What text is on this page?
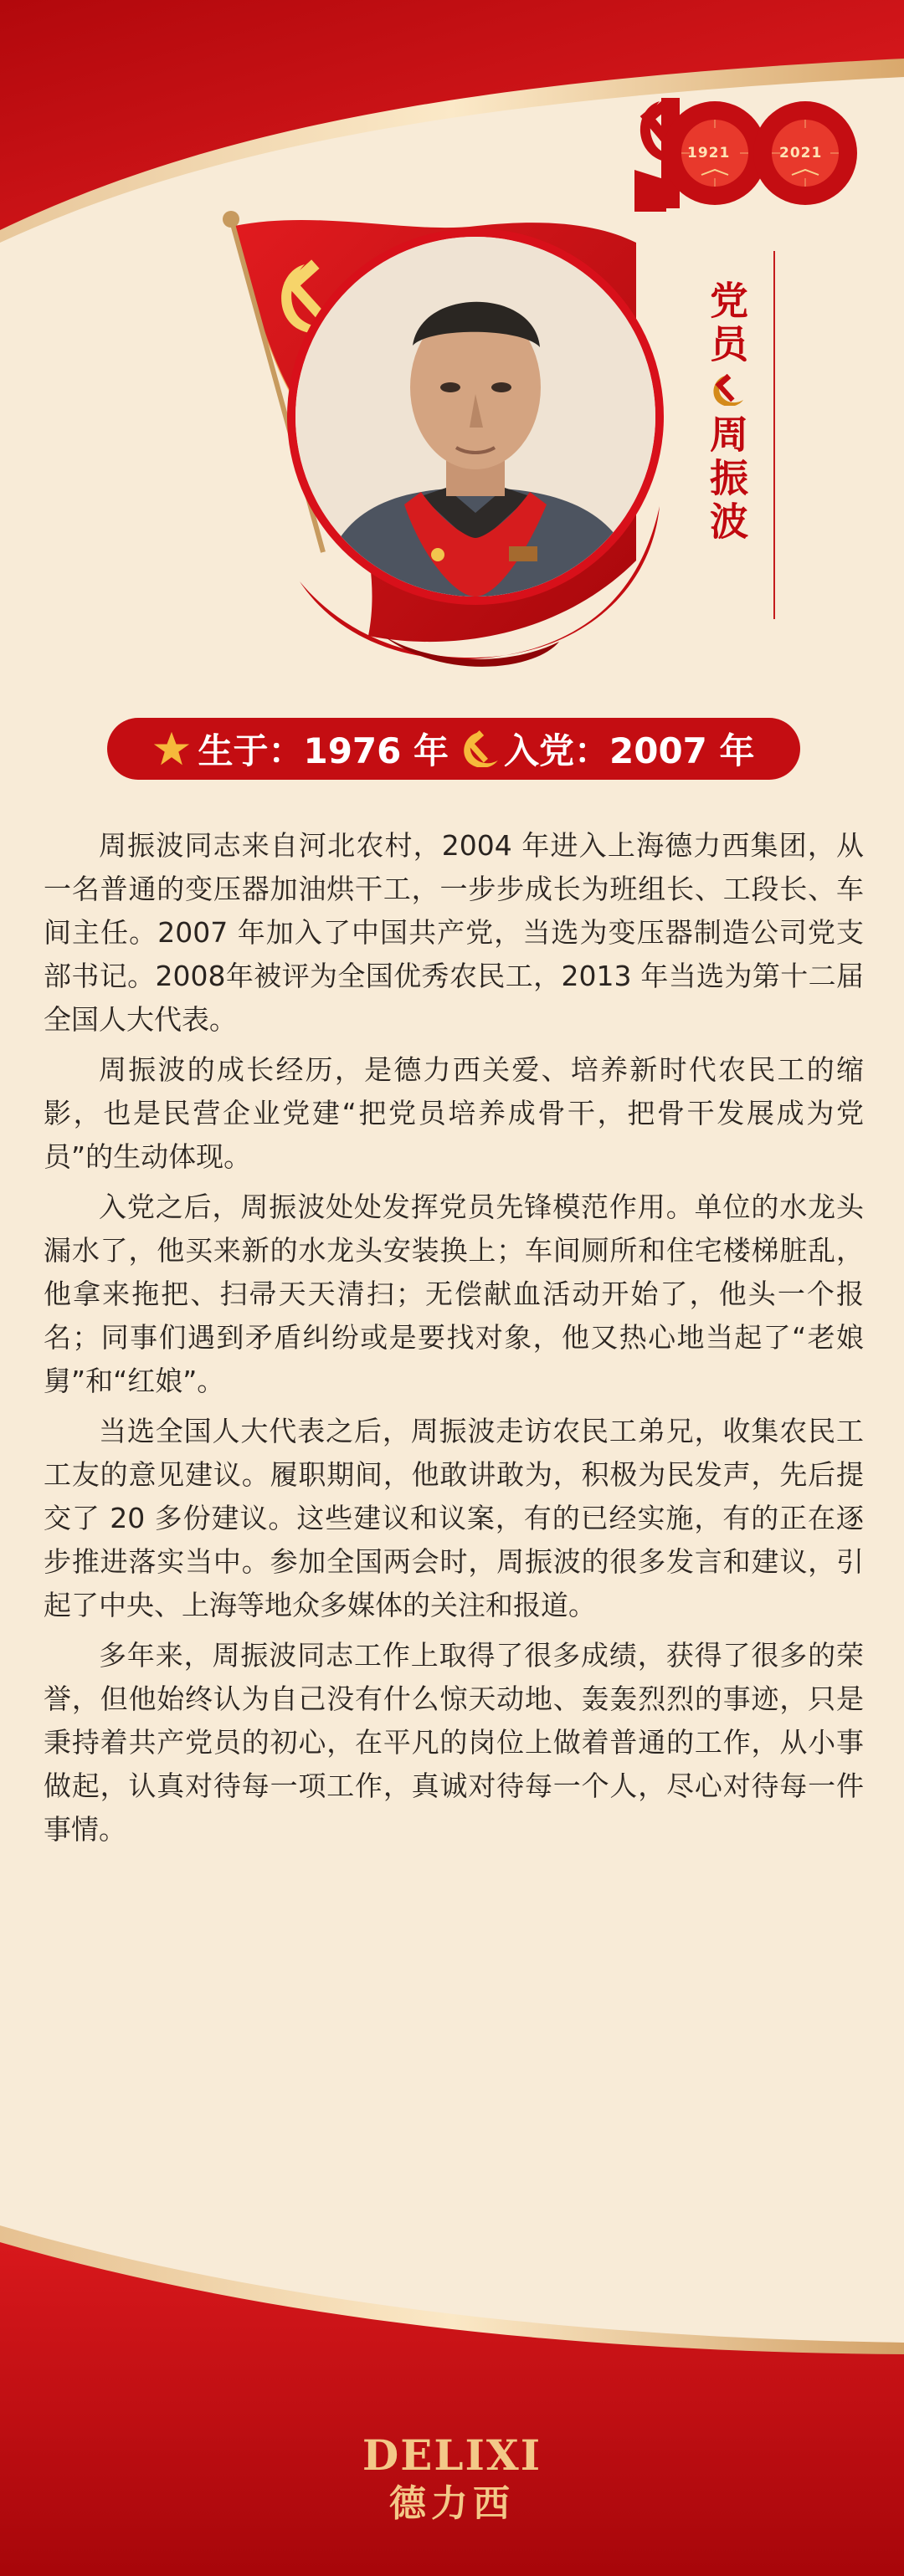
1921	2021
党员
周振波
生于： 1976 年 入党： 2007 年

周振波同志来自河北农村，2004 年进入上海德力西集团，从一名普通的变压器加油烘干工，一步步成长为班组长、工段长、车间主任。2007 年加入了中国共产党，当选为变压器制造公司党支部书记。2008年被评为全国优秀农民工，2013 年当选为第十二届全国人大代表。

周振波的成长经历，是德力西关爱、培养新时代农民工的缩影，也是民营企业党建“把党员培养成骨干，把骨干发展成为党员”的生动体现。

入党之后，周振波处处发挥党员先锋模范作用。单位的水龙头漏水了，他买来新的水龙头安装换上；车间厕所和住宅楼梯脏乱，他拿来拖把、扫帚天天清扫；无偿献血活动开始了，他头一个报名；同事们遇到矛盾纠纷或是要找对象，他又热心地当起了“老娘舅”和“红娘”。

当选全国人大代表之后，周振波走访农民工弟兄，收集农民工工友的意见建议。履职期间，他敢讲敢为，积极为民发声，先后提交了 20 多份建议。这些建议和议案，有的已经实施，有的正在逐步推进落实当中。参加全国两会时，周振波的很多发言和建议，引起了中央、上海等地众多媒体的关注和报道。

多年来，周振波同志工作上取得了很多成绩，获得了很多的荣誉，但他始终认为自己没有什么惊天动地、轰轰烈烈的事迹，只是秉持着共产党员的初心，在平凡的岗位上做着普通的工作，从小事做起，认真对待每一项工作，真诚对待每一个人，尽心对待每一件事情。

DELIXI
德力西
